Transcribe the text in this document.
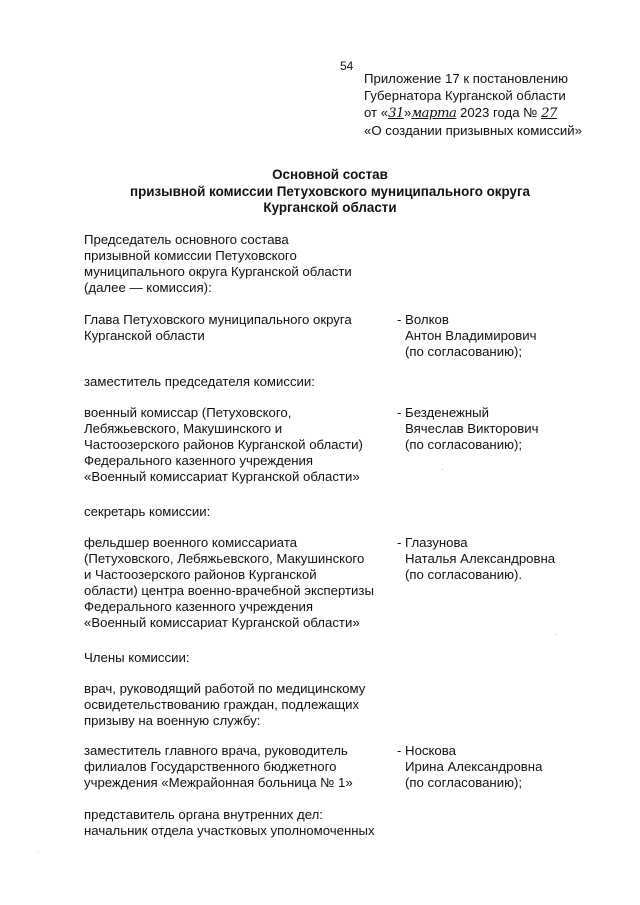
54
Приложение 17 к постановлению
Губернатора Курганской области
от «31»марта 2023 года № 27
«О создании призывных комиссий»
Основной состав
призывной комиссии Петуховского муниципального округа
Курганской области
Председатель основного состава
призывной комиссии Петуховского
муниципального округа Курганской области
(далее — комиссия):
Глава Петуховского муниципального округа
Курганской области
- Волков
Антон Владимирович
(по согласованию);
заместитель председателя комиссии:
военный комиссар (Петуховского,
Лебяжьевского, Макушинского и
Частоозерского районов Курганской области)
Федерального казенного учреждения
«Военный комиссариат Курганской области»
- Безденежный
Вячеслав Викторович
(по согласованию);
секретарь комиссии:
фельдшер военного комиссариата
(Петуховского, Лебяжьевского, Макушинского
и Частоозерского районов Курганской
области) центра военно-врачебной экспертизы
Федерального казенного учреждения
«Военный комиссариат Курганской области»
- Глазунова
Наталья Александровна
(по согласованию).
Члены комиссии:
врач, руководящий работой по медицинскому
освидетельствованию граждан, подлежащих
призыву на военную службу:
заместитель главного врача, руководитель
филиалов Государственного бюджетного
учреждения «Межрайонная больница № 1»
- Носкова
Ирина Александровна
(по согласованию);
представитель органа внутренних дел:
начальник отдела участковых уполномоченных
